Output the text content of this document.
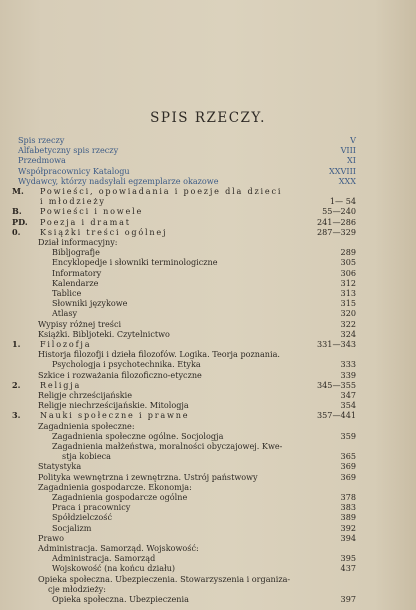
SPIS RZECZY.
Spis rzeczy	V
Alfabetyczny spis rzeczy	VIII
Przedmowa	XI
Współpracownicy Katalogu	XXVIII
Wydawcy, którzy nadsyłali egzemplarze okazowe	XXX
M. Powieści, opowiadania i poezje dla dzieci
i młodzieży	1— 54
B. Powieści i nowele	55—240
PD. Poezja i dramat	241—286
0. Książki treści ogólnej	287—329
Dział informacyjny:
Bibljografje	289
Encyklopedje i słowniki terminologiczne	305
Informatory	306
Kalendarze	312
Tablice	313
Słowniki językowe	315
Atlasy	320
Wypisy różnej treści	322
Książki. Bibljoteki. Czytelnictwo	324
1. Filozofja	331—343
Historja filozofji i dzieła filozofów. Logika. Teorja poznania.
Psychologja i psychotechnika. Etyka	333
Szkice i rozważania filozoficzno-etyczne	339
2. Religja	345—355
Religje chrześcijańskie	347
Religje niechrześcijańskie. Mitologja	354
3. Nauki społeczne i prawne	357—441
Zagadnienia społeczne:
Zagadnienia społeczne ogólne. Socjologja	359
Zagadnienia małżeństwa, moralności obyczajowej. Kwe-
stja kobieca	365
Statystyka	369
Polityka wewnętrzna i zewnętrzna. Ustrój państwowy	369
Zagadnienia gospodarcze. Ekonomja:
Zagadnienia gospodarcze ogólne	378
Praca i pracownicy	383
Spółdzielczość	389
Socjalizm	392
Prawo	394
Administracja. Samorząd. Wojskowość:
Administracja. Samorząd	395
Wojskowość (na końcu działu)	437
Opieka społeczna. Ubezpieczenia. Stowarzyszenia i organiza-
cje młodzieży:
Opieka społeczna. Ubezpieczenia	397
